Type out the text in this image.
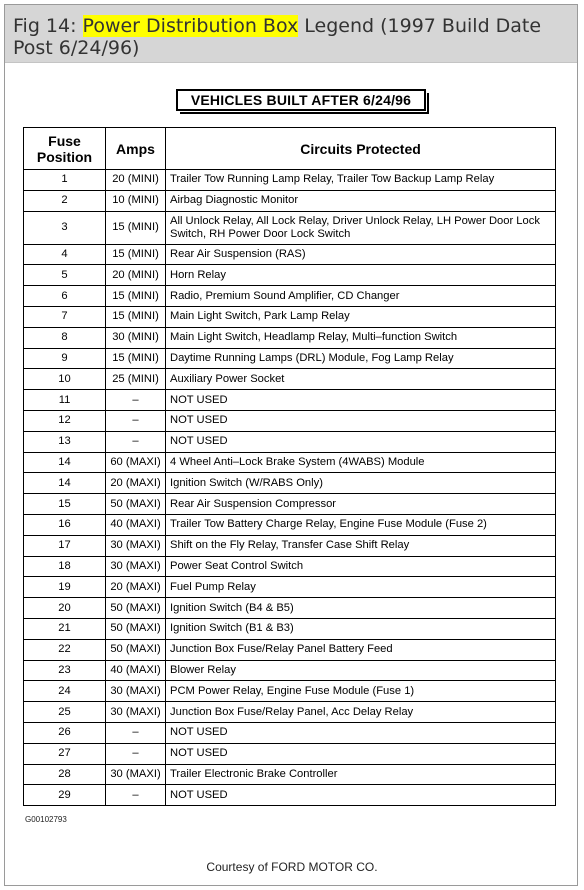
Fig 14: Power Distribution Box Legend (1997 Build Date Post 6/24/96)
VEHICLES BUILT AFTER 6/24/96
Fuse Position	Amps	Circuits Protected
1	20 (MINI)	Trailer Tow Running Lamp Relay, Trailer Tow Backup Lamp Relay
2	10 (MINI)	Airbag Diagnostic Monitor
3	15 (MINI)	All Unlock Relay, All Lock Relay, Driver Unlock Relay, LH Power Door Lock Switch, RH Power Door Lock Switch
4	15 (MINI)	Rear Air Suspension (RAS)
5	20 (MINI)	Horn Relay
6	15 (MINI)	Radio, Premium Sound Amplifier, CD Changer
7	15 (MINI)	Main Light Switch, Park Lamp Relay
8	30 (MINI)	Main Light Switch, Headlamp Relay, Multi–function Switch
9	15 (MINI)	Daytime Running Lamps (DRL) Module, Fog Lamp Relay
10	25 (MINI)	Auxiliary Power Socket
11	–	NOT USED
12	–	NOT USED
13	–	NOT USED
14	60 (MAXI)	4 Wheel Anti–Lock Brake System (4WABS) Module
14	20 (MAXI)	Ignition Switch (W/RABS Only)
15	50 (MAXI)	Rear Air Suspension Compressor
16	40 (MAXI)	Trailer Tow Battery Charge Relay, Engine Fuse Module (Fuse 2)
17	30 (MAXI)	Shift on the Fly Relay, Transfer Case Shift Relay
18	30 (MAXI)	Power Seat Control Switch
19	20 (MAXI)	Fuel Pump Relay
20	50 (MAXI)	Ignition Switch (B4 & B5)
21	50 (MAXI)	Ignition Switch (B1 & B3)
22	50 (MAXI)	Junction Box Fuse/Relay Panel Battery Feed
23	40 (MAXI)	Blower Relay
24	30 (MAXI)	PCM Power Relay, Engine Fuse Module (Fuse 1)
25	30 (MAXI)	Junction Box Fuse/Relay Panel, Acc Delay Relay
26	–	NOT USED
27	–	NOT USED
28	30 (MAXI)	Trailer Electronic Brake Controller
29	–	NOT USED
G00102793
Courtesy of FORD MOTOR CO.
